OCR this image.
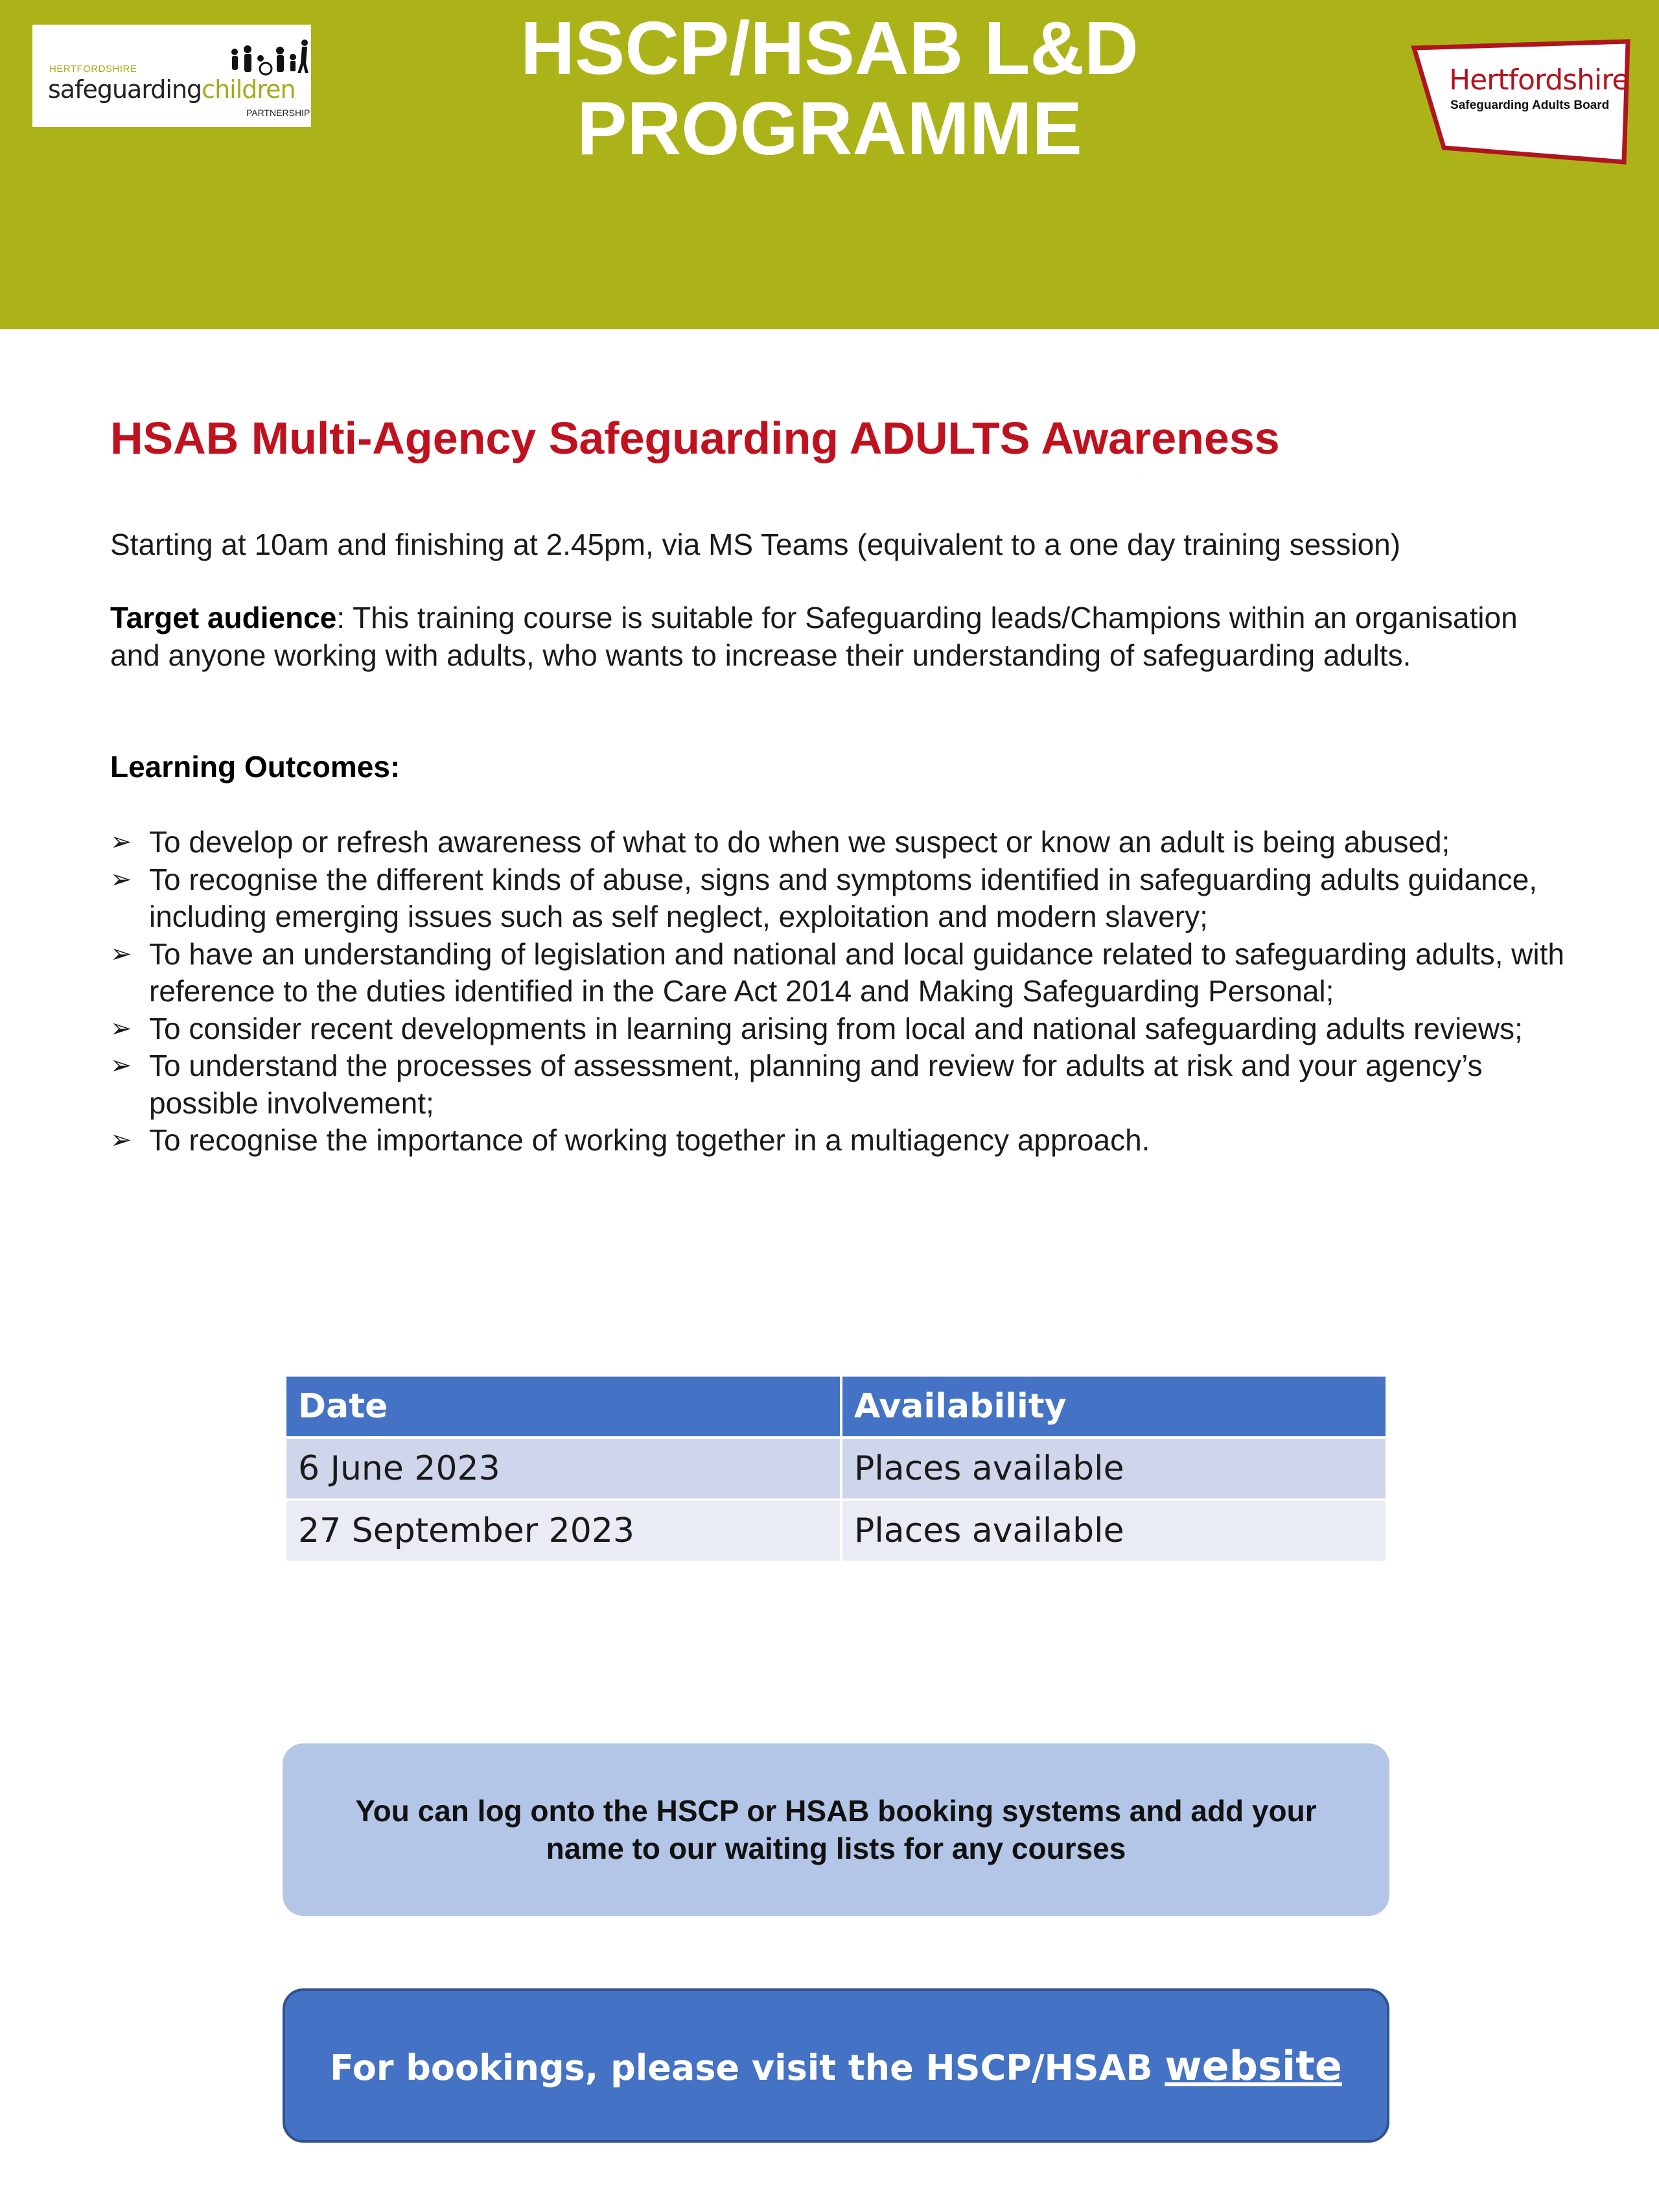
HERTFORDSHIRE
safeguardingchildren
PARTNERSHIP
HSCP/HSAB L&D
PROGRAMME
Hertfordshire
Safeguarding Adults Board
HSAB Multi-Agency Safeguarding ADULTS Awareness
Starting at 10am and finishing at 2.45pm, via MS Teams (equivalent to a one day training session)
Target audience: This training course is suitable for Safeguarding leads/Champions within an organisation and anyone working with adults, who wants to increase their understanding of safeguarding adults.
Learning Outcomes:
➢ To develop or refresh awareness of what to do when we suspect or know an adult is being abused;
➢ To recognise the different kinds of abuse, signs and symptoms identified in safeguarding adults guidance, including emerging issues such as self neglect, exploitation and modern slavery;
➢ To have an understanding of legislation and national and local guidance related to safeguarding adults, with reference to the duties identified in the Care Act 2014 and Making Safeguarding Personal;
➢ To consider recent developments in learning arising from local and national safeguarding adults reviews;
➢ To understand the processes of assessment, planning and review for adults at risk and your agency’s possible involvement;
➢ To recognise the importance of working together in a multiagency approach.
Date	Availability
6 June 2023	Places available
27 September 2023	Places available
You can log onto the HSCP or HSAB booking systems and add your name to our waiting lists for any courses
For bookings, please visit the HSCP/HSAB website
